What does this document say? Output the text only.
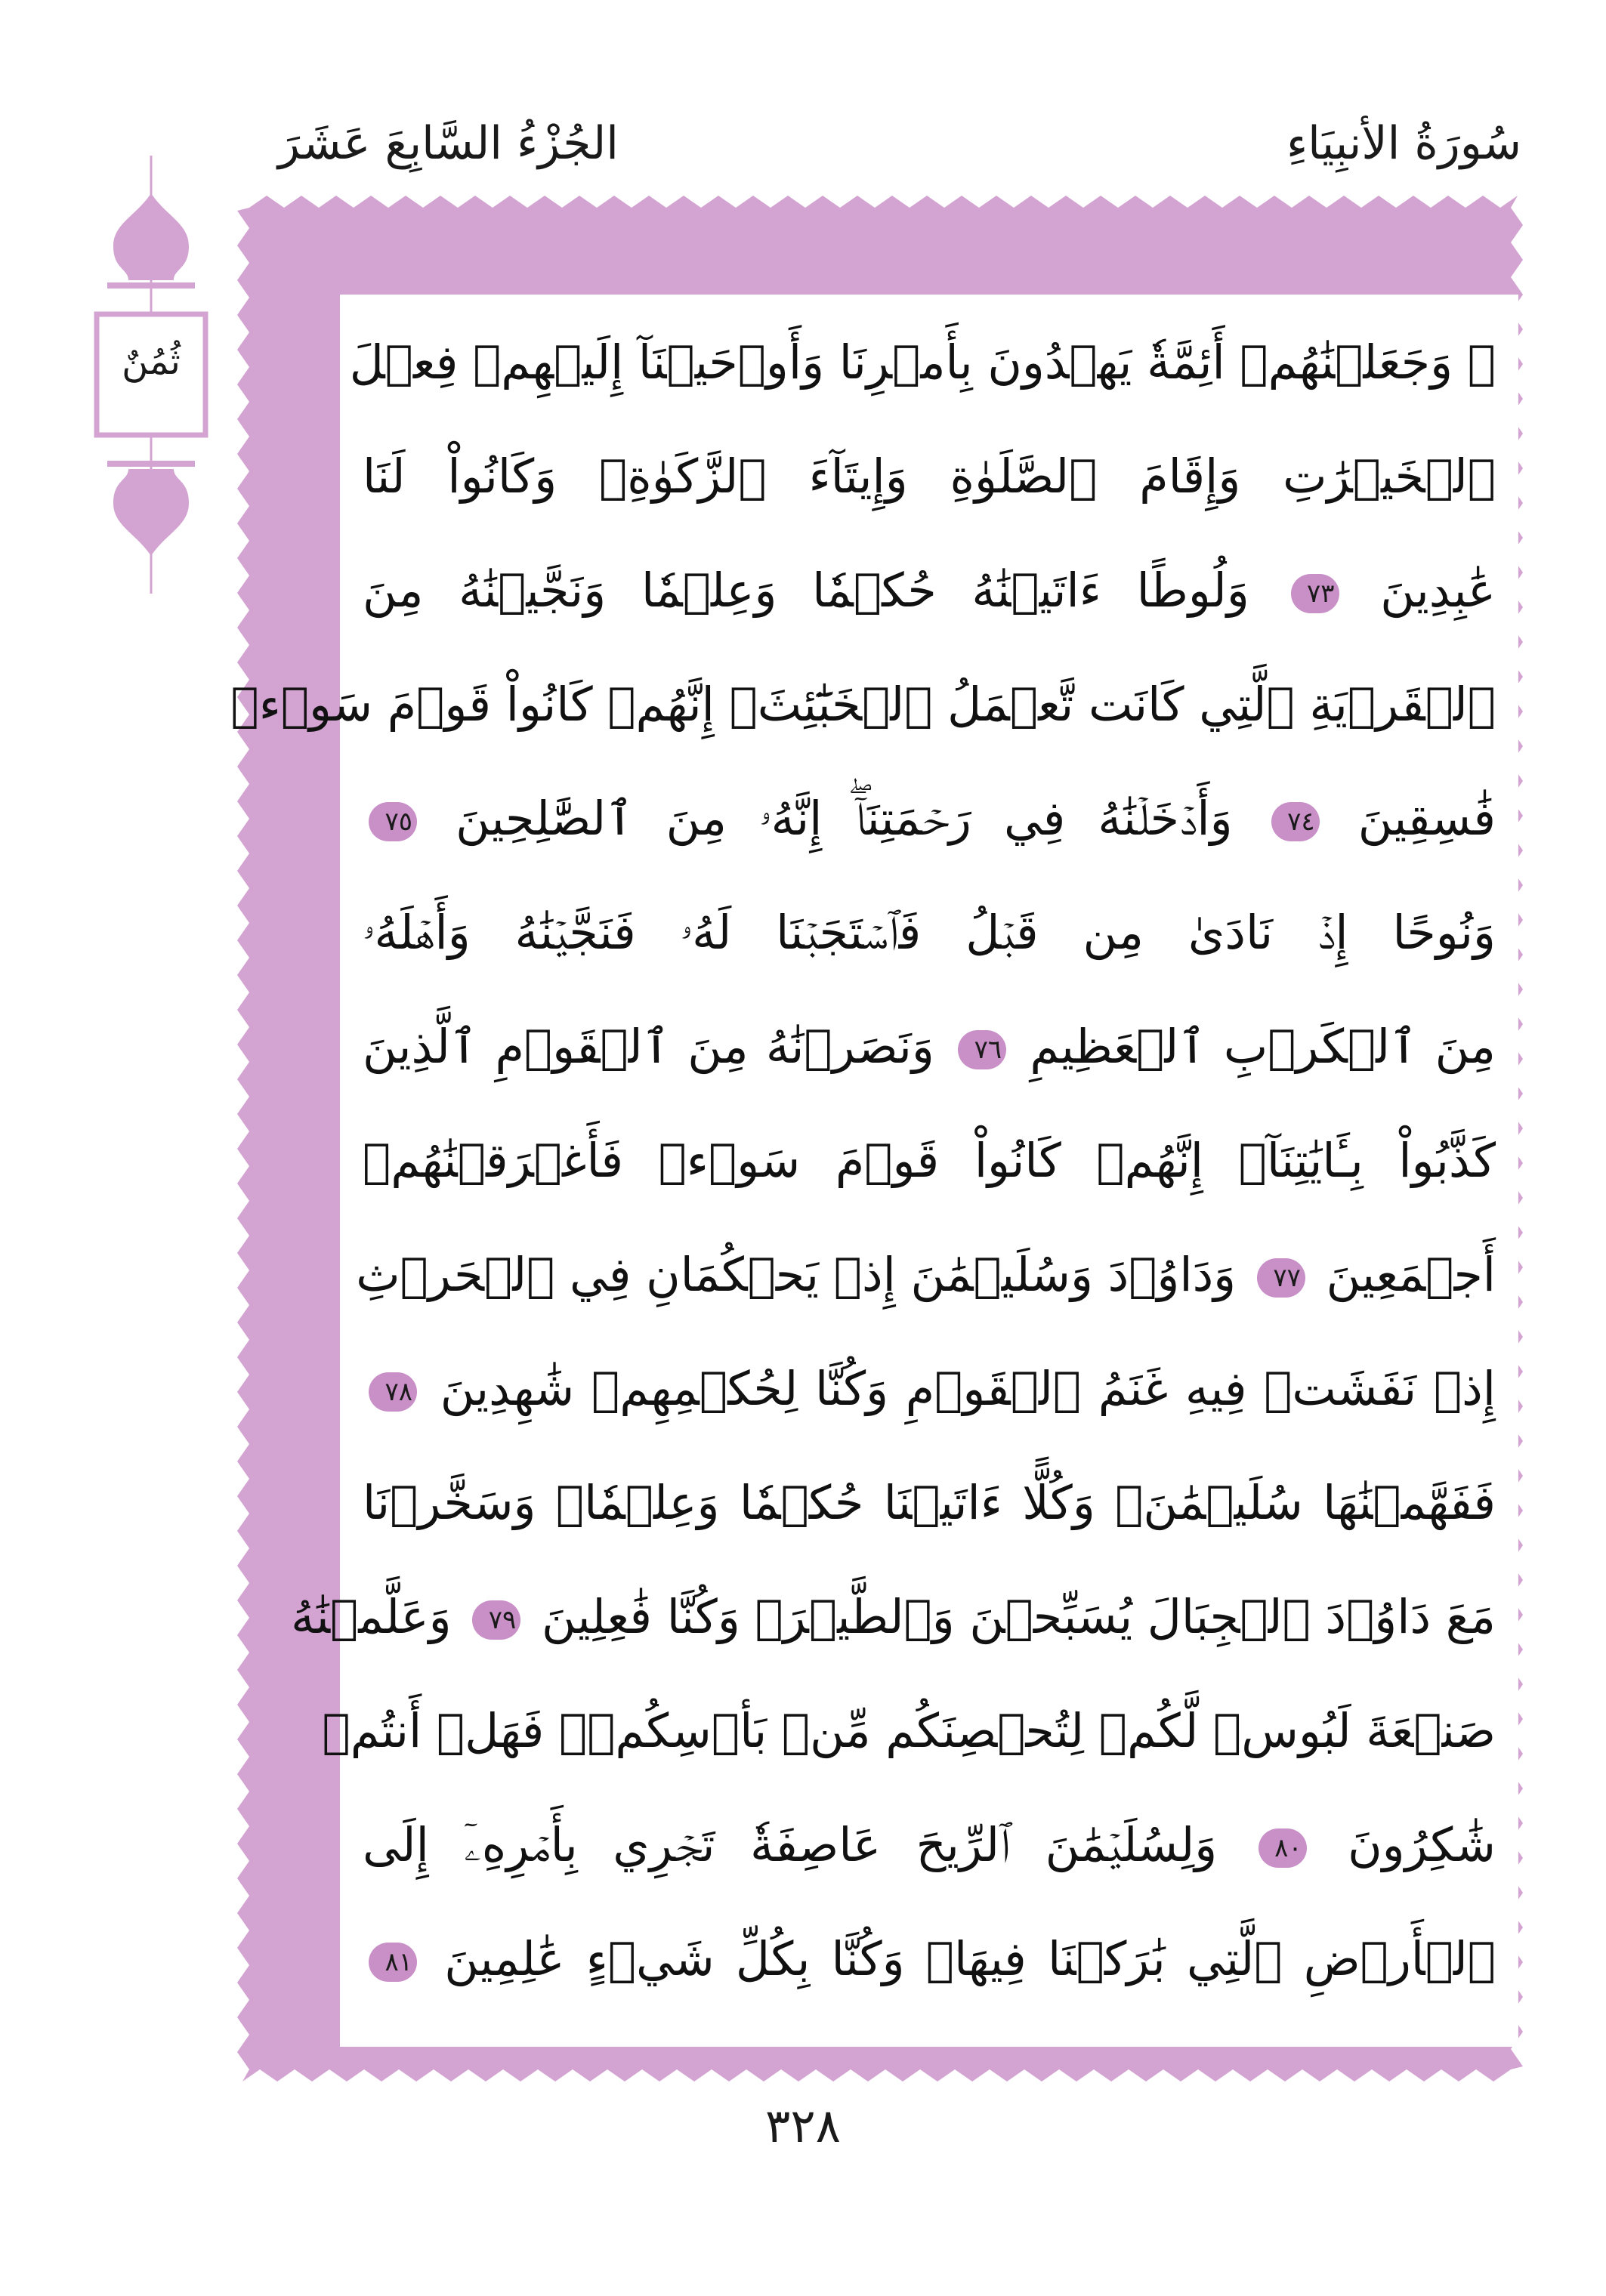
سُورَةُ الأنبِيَاءِ
الجُزْءُ السَّابِعَ عَشَرَ
ثُمُنٌ	۞ وَجَعَلۡنَٰهُمۡ أَئِمَّةٗ يَهۡدُونَ بِأَمۡرِنَا وَأَوۡحَيۡنَآ إِلَيۡهِمۡ فِعۡلَ
ٱلۡخَيۡرَٰتِ وَإِقَامَ ٱلصَّلَوٰةِ وَإِيتَآءَ ٱلزَّكَوٰةِۖ وَكَانُواْ لَنَا
عَٰبِدِينَ ٧٣ وَلُوطًا ءَاتَيۡنَٰهُ حُكۡمٗا وَعِلۡمٗا وَنَجَّيۡنَٰهُ مِنَ
ٱلۡقَرۡيَةِ ٱلَّتِي كَانَت تَّعۡمَلُ ٱلۡخَبَٰٓئِثَۚ إِنَّهُمۡ كَانُواْ قَوۡمَ سَوۡءٖ
فَٰسِقِينَ ٧٤ وَأَدۡخَلۡنَٰهُ فِي رَحۡمَتِنَآۖ إِنَّهُۥ مِنَ ٱلصَّٰلِحِينَ ٧٥
وَنُوحًا إِذۡ نَادَىٰ مِن قَبۡلُ فَٱسۡتَجَبۡنَا لَهُۥ فَنَجَّيۡنَٰهُ وَأَهۡلَهُۥ
مِنَ ٱلۡكَرۡبِ ٱلۡعَظِيمِ ٧٦ وَنَصَرۡنَٰهُ مِنَ ٱلۡقَوۡمِ ٱلَّذِينَ
كَذَّبُواْ بِـَٔايَٰتِنَآۚ إِنَّهُمۡ كَانُواْ قَوۡمَ سَوۡءٖ فَأَغۡرَقۡنَٰهُمۡ
أَجۡمَعِينَ ٧٧ وَدَاوُۥدَ وَسُلَيۡمَٰنَ إِذۡ يَحۡكُمَانِ فِي ٱلۡحَرۡثِ
إِذۡ نَفَشَتۡ فِيهِ غَنَمُ ٱلۡقَوۡمِ وَكُنَّا لِحُكۡمِهِمۡ شَٰهِدِينَ ٧٨
فَفَهَّمۡنَٰهَا سُلَيۡمَٰنَۚ وَكُلًّا ءَاتَيۡنَا حُكۡمٗا وَعِلۡمٗاۚ وَسَخَّرۡنَا
مَعَ دَاوُۥدَ ٱلۡجِبَالَ يُسَبِّحۡنَ وَٱلطَّيۡرَۚ وَكُنَّا فَٰعِلِينَ ٧٩ وَعَلَّمۡنَٰهُ
صَنۡعَةَ لَبُوسٖ لَّكُمۡ لِتُحۡصِنَكُم مِّنۢ بَأۡسِكُمۡۖ فَهَلۡ أَنتُمۡ
شَٰكِرُونَ ٨٠ وَلِسُلَيۡمَٰنَ ٱلرِّيحَ عَاصِفَةٗ تَجۡرِي بِأَمۡرِهِۦٓ إِلَى
ٱلۡأَرۡضِ ٱلَّتِي بَٰرَكۡنَا فِيهَاۚ وَكُنَّا بِكُلِّ شَيۡءٍ عَٰلِمِينَ ٨١
٣٢٨
